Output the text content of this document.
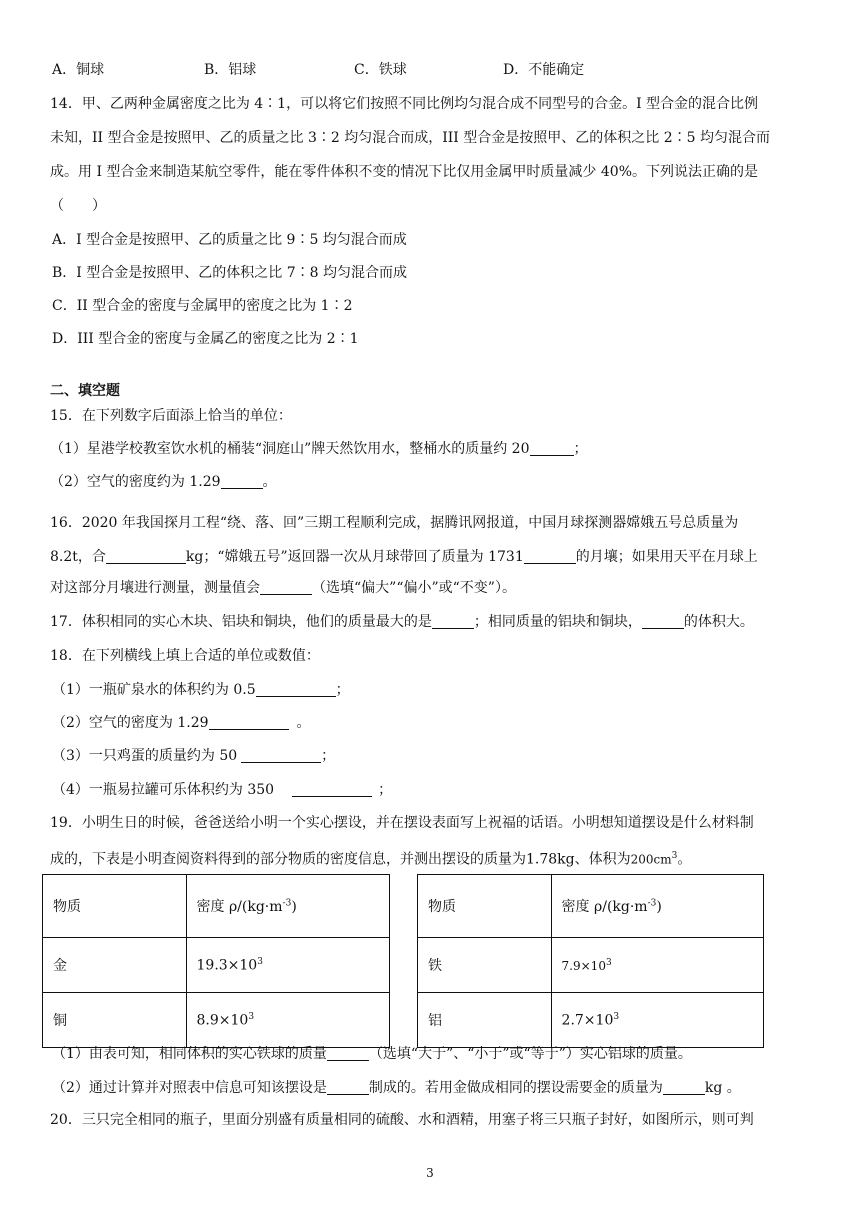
A．铜球	B．铝球	C．铁球	D．不能确定
14．甲、乙两种金属密度之比为 4∶1，可以将它们按照不同比例均匀混合成不同型号的合金。I 型合金的混合比例
未知，II 型合金是按照甲、乙的质量之比 3∶2 均匀混合而成，III 型合金是按照甲、乙的体积之比 2∶5 均匀混合而
成。用 I 型合金来制造某航空零件，能在零件体积不变的情况下比仅用金属甲时质量减少 40%。下列说法正确的是
（　　）
A．I 型合金是按照甲、乙的质量之比 9∶5 均匀混合而成
B．I 型合金是按照甲、乙的体积之比 7∶8 均匀混合而成
C．II 型合金的密度与金属甲的密度之比为 1∶2
D．III 型合金的密度与金属乙的密度之比为 2∶1
二、填空题
15．在下列数字后面添上恰当的单位：
（1）星港学校教室饮水机的桶装“洞庭山”牌天然饮用水，整桶水的质量约 20	；
（2）空气的密度约为 1.29	。
16．2020 年我国探月工程“绕、落、回”三期工程顺利完成，据腾讯网报道，中国月球探测器嫦娥五号总质量为
8.2t，合	kg；“嫦娥五号”返回器一次从月球带回了质量为 1731	的月壤；如果用天平在月球上
对这部分月壤进行测量，测量值会	（选填“偏大”“偏小”或“不变”）。
17．体积相同的实心木块、铝块和铜块，他们的质量最大的是	；相同质量的铝块和铜块，	的体积大。
18．在下列横线上填上合适的单位或数值：
（1）一瓶矿泉水的体积约为 0.5	；
（2）空气的密度为 1.29	。
（3）一只鸡蛋的质量约为 50	；
（4）一瓶易拉罐可乐体积约为 350	；
19．小明生日的时候，爸爸送给小明一个实心摆设，并在摆设表面写上祝福的话语。小明想知道摆设是什么材料制
成的，下表是小明查阅资料得到的部分物质的密度信息，并测出摆设的质量为1.78kg、体积为$200cm^3$。
物质	密度 $\rho/(kg\cdot m^{-3})$
金	$19.3\times 10^3$
铜	$8.9\times 10^3$
物质	密度 $\rho/(kg\cdot m^{-3})$
铁	$7.9\times 10^3$
铝	$2.7\times 10^3$
（1）由表可知，相同体积的实心铁球的质量	（选填“大于”、“小于”或“等于”）实心铝球的质量。
（2）通过计算并对照表中信息可知该摆设是	制成的。若用金做成相同的摆设需要金的质量为	kg 。
20．三只完全相同的瓶子，里面分别盛有质量相同的硫酸、水和酒精，用塞子将三只瓶子封好，如图所示，则可判
3
